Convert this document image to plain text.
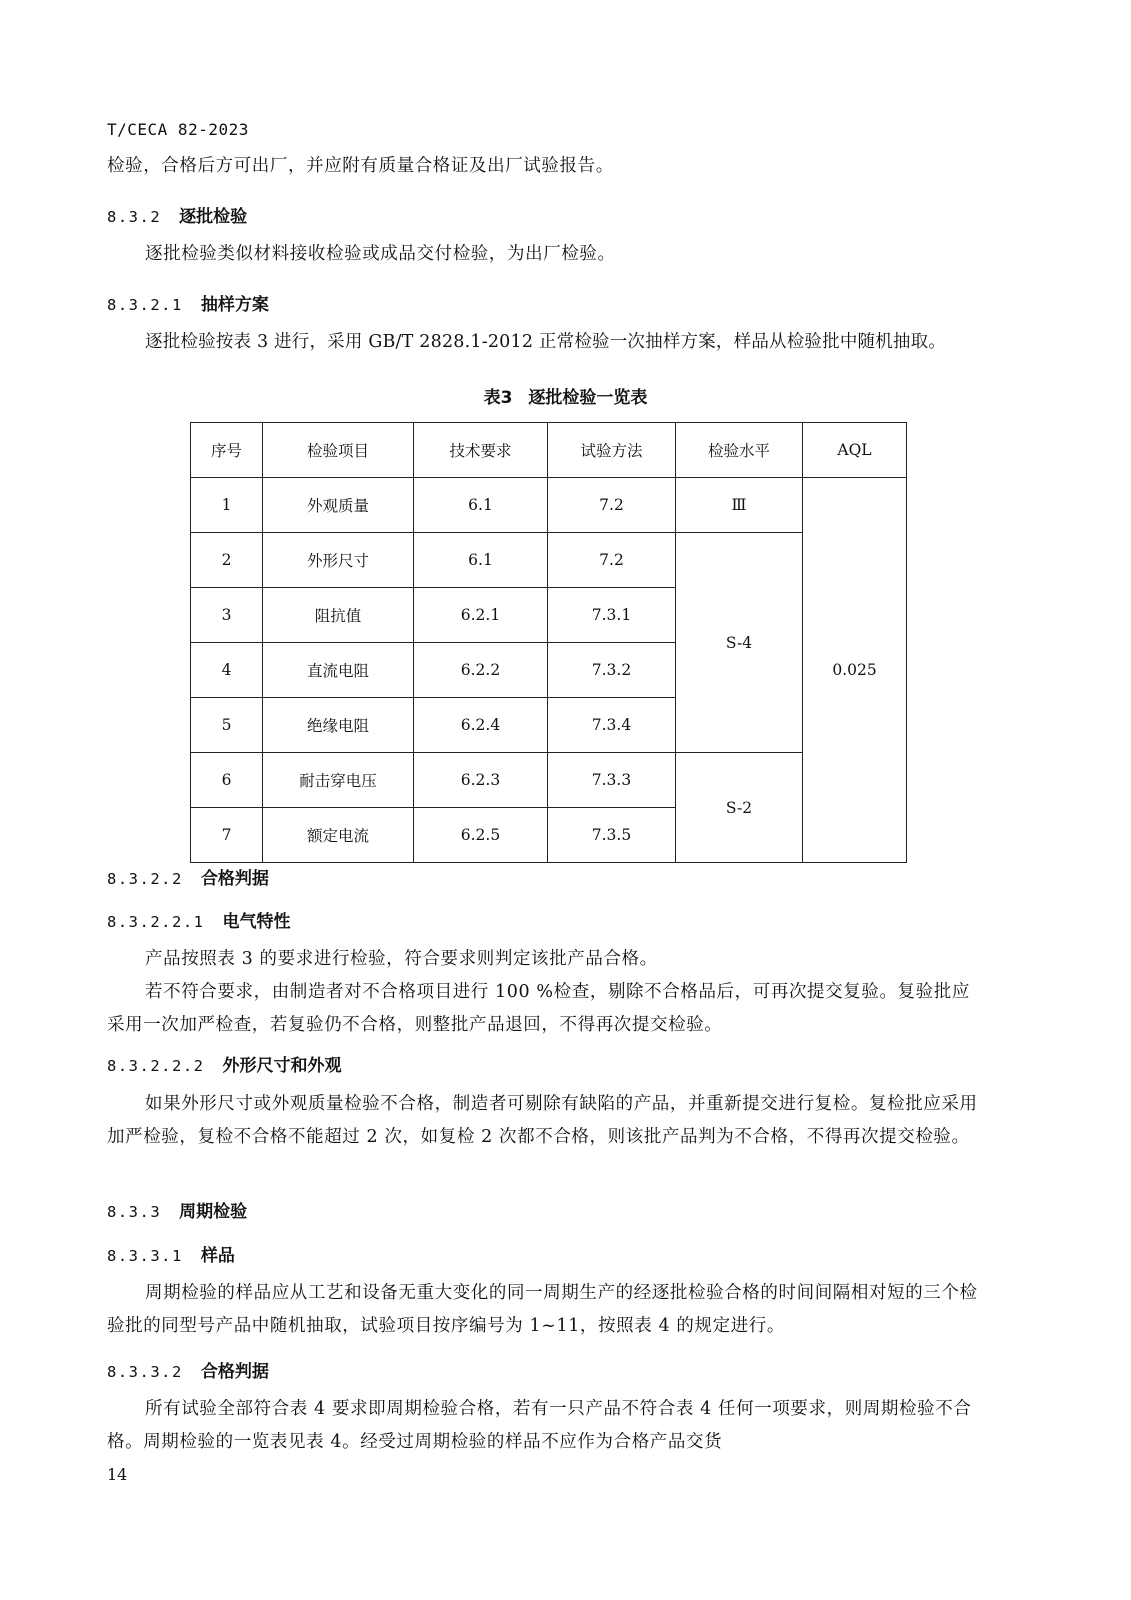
T/CECA 82-2023
检验，合格后方可出厂，并应附有质量合格证及出厂试验报告。
8.3.2 逐批检验
逐批检验类似材料接收检验或成品交付检验，为出厂检验。
8.3.2.1 抽样方案
逐批检验按表 3 进行，采用 GB/T 2828.1-2012 正常检验一次抽样方案，样品从检验批中随机抽取。
表3 逐批检验一览表
序号	检验项目	技术要求	试验方法	检验水平	AQL
1	外观质量	6.1	7.2	Ⅲ	0.025
2	外形尺寸	6.1	7.2	S-4	
3	阻抗值	6.2.1	7.3.1		
4	直流电阻	6.2.2	7.3.2		
5	绝缘电阻	6.2.4	7.3.4		
6	耐击穿电压	6.2.3	7.3.3	S-2	
7	额定电流	6.2.5	7.3.5		
8.3.2.2 合格判据
8.3.2.2.1 电气特性
产品按照表 3 的要求进行检验，符合要求则判定该批产品合格。
若不符合要求，由制造者对不合格项目进行 100 %检查，剔除不合格品后，可再次提交复验。复验批应采用一次加严检查，若复验仍不合格，则整批产品退回，不得再次提交检验。
8.3.2.2.2 外形尺寸和外观
如果外形尺寸或外观质量检验不合格，制造者可剔除有缺陷的产品，并重新提交进行复检。复检批应采用加严检验，复检不合格不能超过 2 次，如复检 2 次都不合格，则该批产品判为不合格，不得再次提交检验。
8.3.3 周期检验
8.3.3.1 样品
周期检验的样品应从工艺和设备无重大变化的同一周期生产的经逐批检验合格的时间间隔相对短的三个检验批的同型号产品中随机抽取，试验项目按序编号为 1~11，按照表 4 的规定进行。
8.3.3.2 合格判据
所有试验全部符合表 4 要求即周期检验合格，若有一只产品不符合表 4 任何一项要求，则周期检验不合格。周期检验的一览表见表 4。经受过周期检验的样品不应作为合格产品交货
14
